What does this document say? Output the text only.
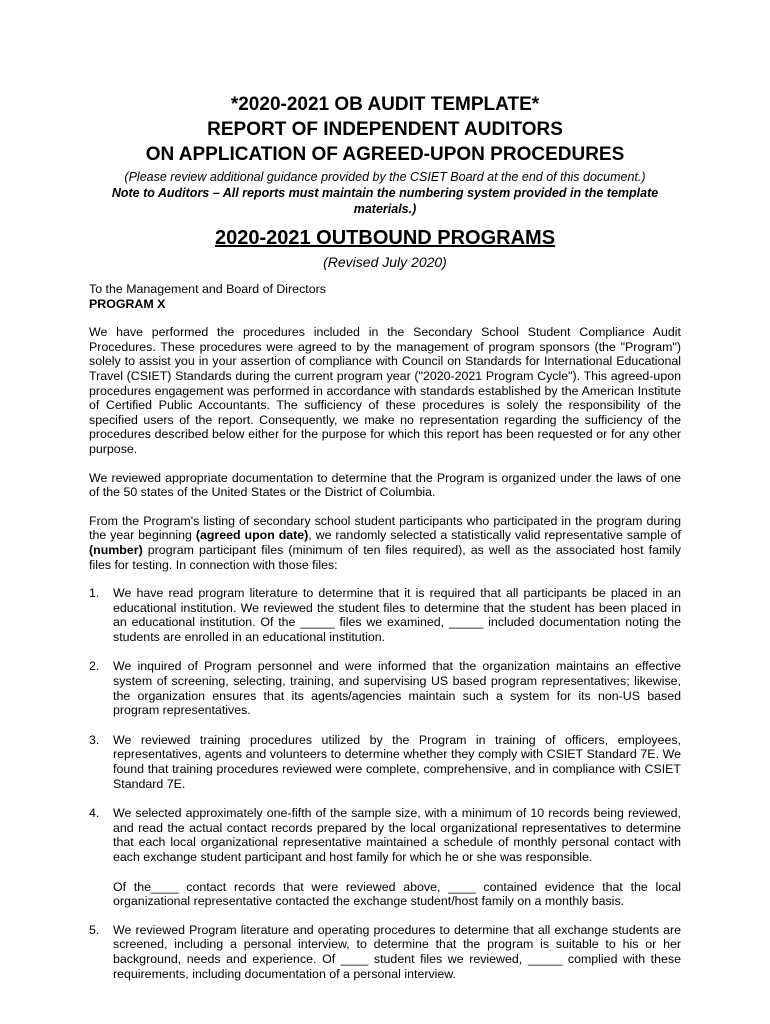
*2020-2021 OB AUDIT TEMPLATE*

REPORT OF INDEPENDENT AUDITORS

ON APPLICATION OF AGREED-UPON PROCEDURES

(Please review additional guidance provided by the CSIET Board at the end of this document.)

Note to Auditors – All reports must maintain the numbering system provided in the template materials.)

2020-2021 OUTBOUND PROGRAMS

(Revised July 2020)

To the Management and Board of Directors
PROGRAM X

We have performed the procedures included in the Secondary School Student Compliance Audit Procedures. These procedures were agreed to by the management of program sponsors (the "Program") solely to assist you in your assertion of compliance with Council on Standards for International Educational Travel (CSIET) Standards during the current program year ("2020-2021 Program Cycle"). This agreed-upon procedures engagement was performed in accordance with standards established by the American Institute of Certified Public Accountants. The sufficiency of these procedures is solely the responsibility of the specified users of the report. Consequently, we make no representation regarding the sufficiency of the procedures described below either for the purpose for which this report has been requested or for any other purpose.

We reviewed appropriate documentation to determine that the Program is organized under the laws of one of the 50 states of the United States or the District of Columbia.

From the Program's listing of secondary school student participants who participated in the program during the year beginning (agreed upon date), we randomly selected a statistically valid representative sample of (number) program participant files (minimum of ten files required), as well as the associated host family files for testing. In connection with those files:

1. We have read program literature to determine that it is required that all participants be placed in an educational institution. We reviewed the student files to determine that the student has been placed in an educational institution. Of the _____ files we examined, _____ included documentation noting the students are enrolled in an educational institution.
2. We inquired of Program personnel and were informed that the organization maintains an effective system of screening, selecting, training, and supervising US based program representatives; likewise, the organization ensures that its agents/agencies maintain such a system for its non-US based program representatives.
3. We reviewed training procedures utilized by the Program in training of officers, employees, representatives, agents and volunteers to determine whether they comply with CSIET Standard 7E. We found that training procedures reviewed were complete, comprehensive, and in compliance with CSIET Standard 7E.
4. We selected approximately one-fifth of the sample size, with a minimum of 10 records being reviewed, and read the actual contact records prepared by the local organizational representatives to determine that each local organizational representative maintained a schedule of monthly personal contact with each exchange student participant and host family for which he or she was responsible.

Of the____ contact records that were reviewed above, ____ contained evidence that the local organizational representative contacted the exchange student/host family on a monthly basis.

5. We reviewed Program literature and operating procedures to determine that all exchange students are screened, including a personal interview, to determine that the program is suitable to his or her background, needs and experience. Of ____ student files we reviewed, _____ complied with these requirements, including documentation of a personal interview.
